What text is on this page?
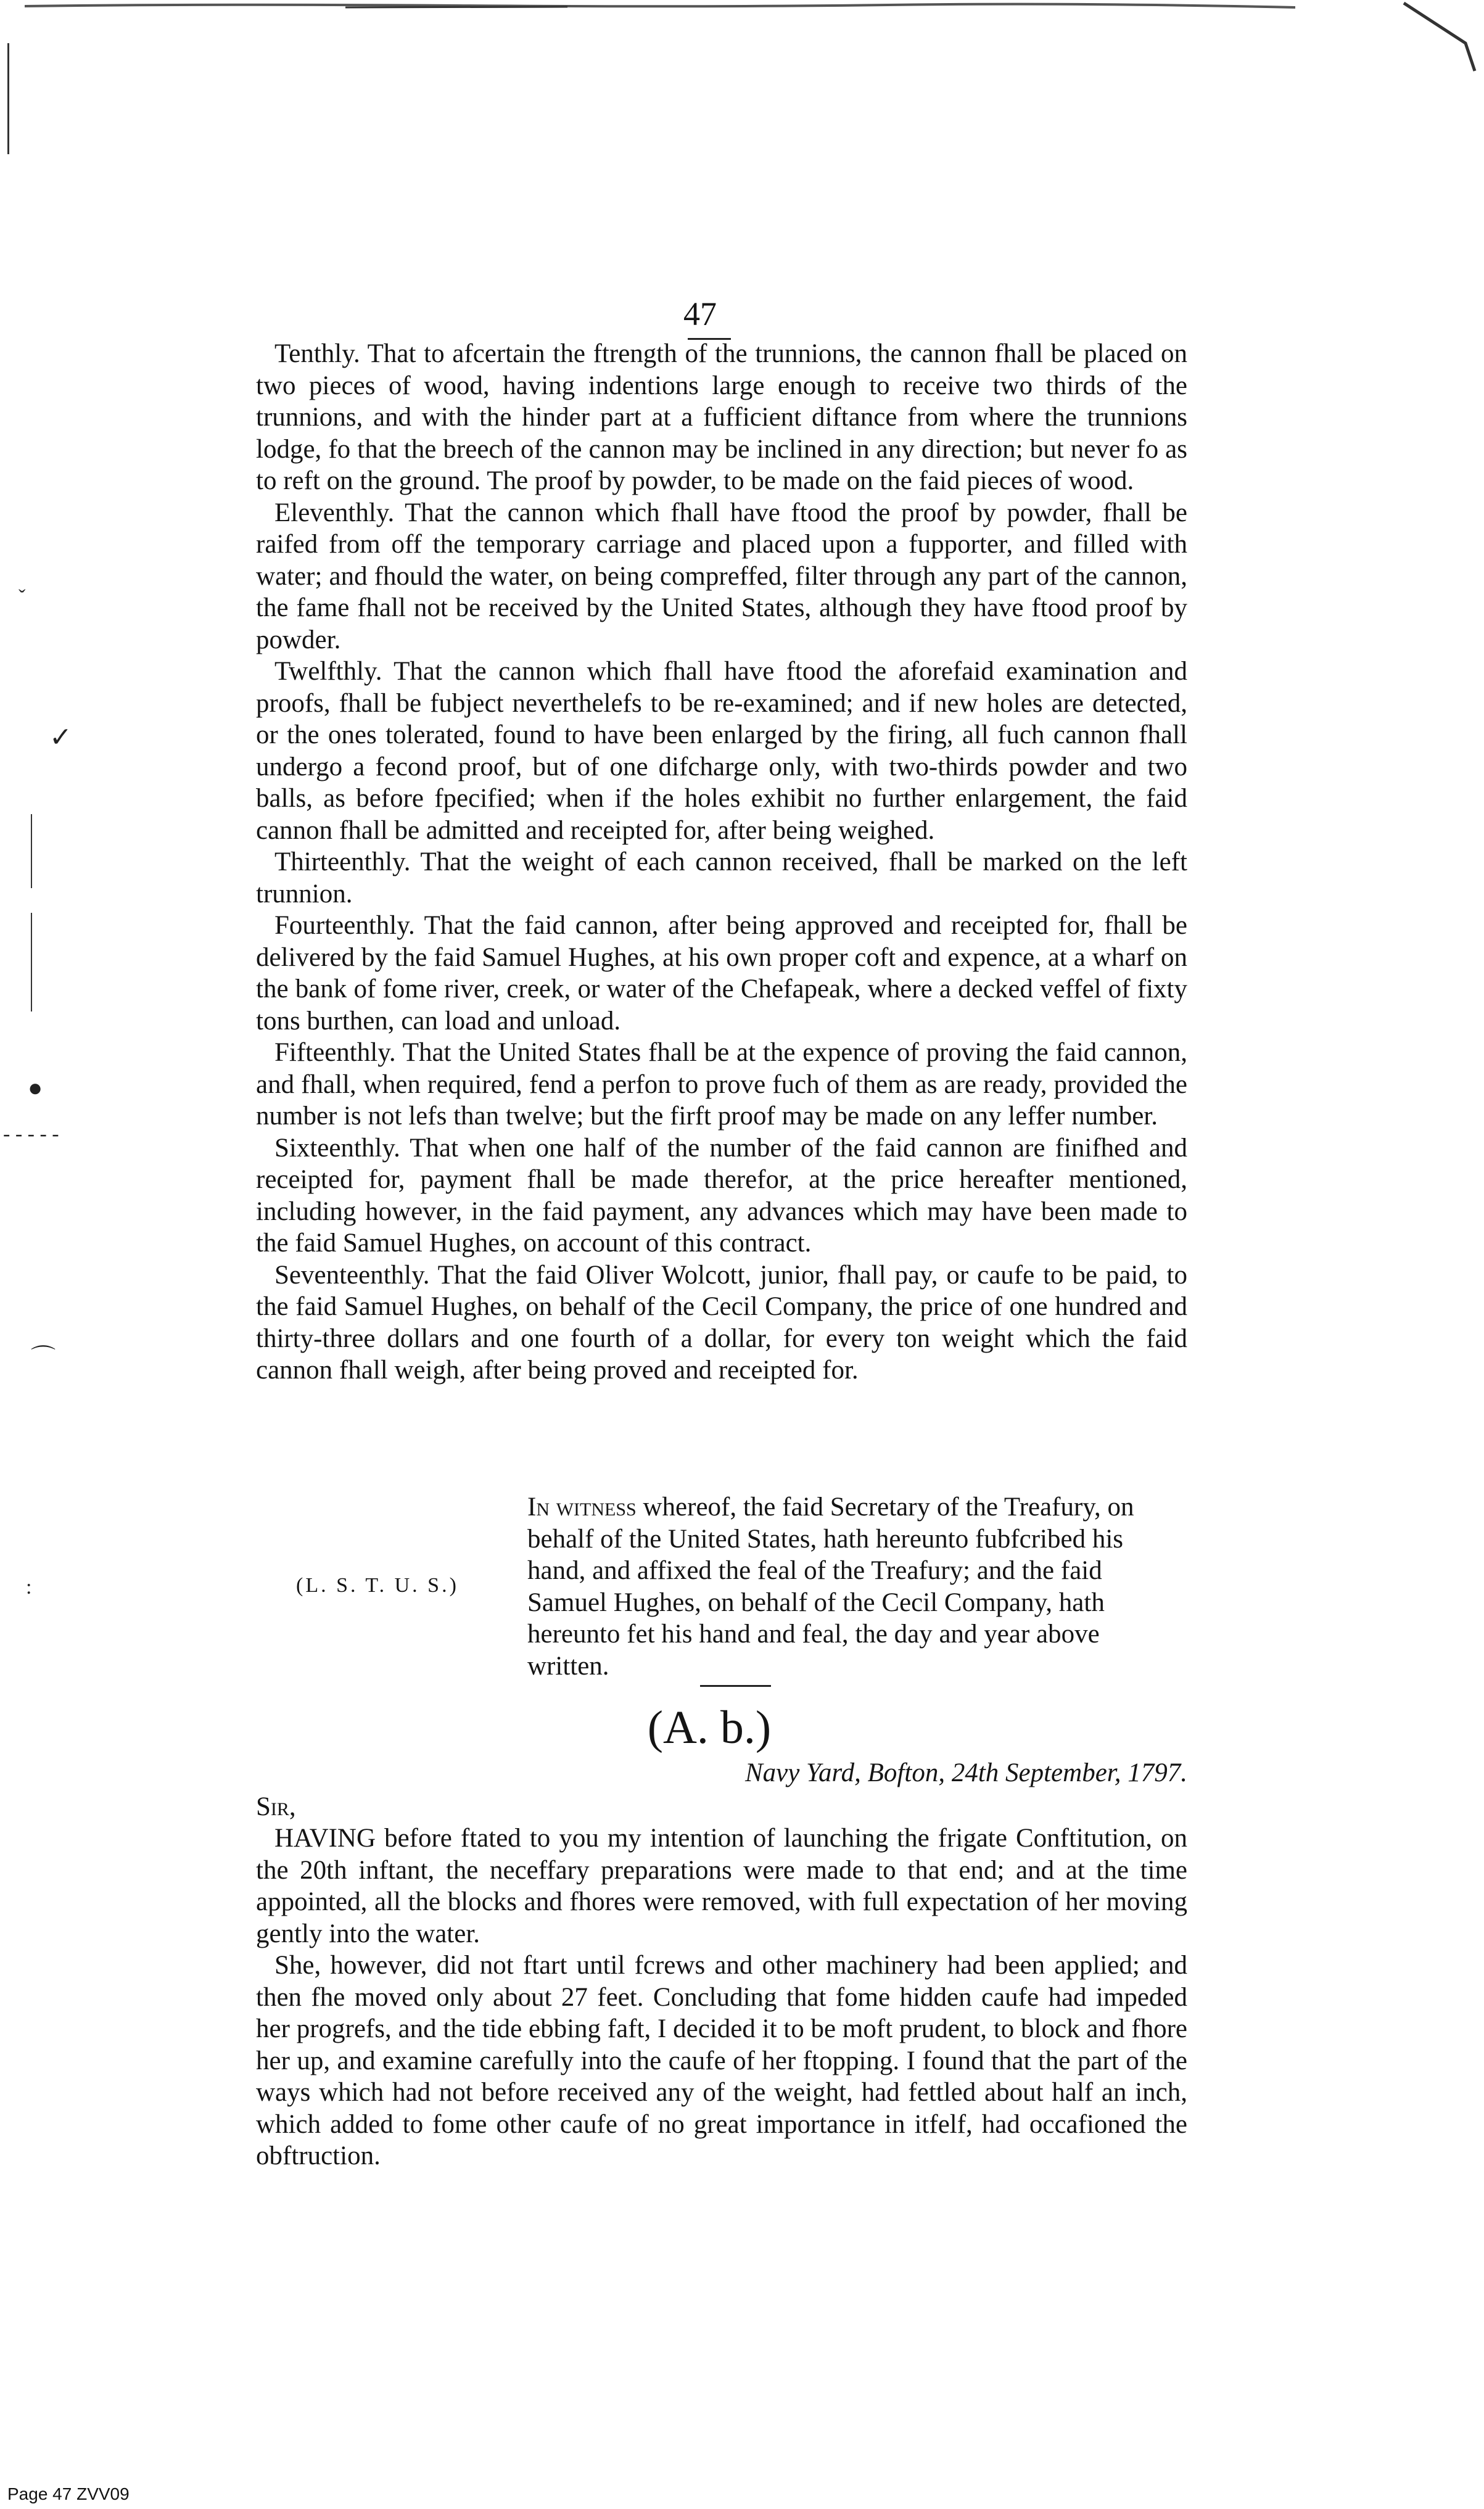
ˇ
✓
●
- - - - -
⌒
:
47

Tenthly. That to afcertain the ftrength of the trunnions, the cannon fhall be placed on two pieces of wood, having indentions large enough to receive two thirds of the trunnions, and with the hinder part at a fufficient diftance from where the trunnions lodge, fo that the breech of the cannon may be inclined in any direction; but never fo as to reft on the ground. The proof by powder, to be made on the faid pieces of wood.

Eleventhly. That the cannon which fhall have ftood the proof by powder, fhall be raifed from off the temporary carriage and placed upon a fupporter, and filled with water; and fhould the water, on being compreffed, filter through any part of the cannon, the fame fhall not be received by the United States, although they have ftood proof by powder.

Twelfthly. That the cannon which fhall have ftood the aforefaid examination and proofs, fhall be fubject neverthelefs to be re-examined; and if new holes are detected, or the ones tolerated, found to have been enlarged by the firing, all fuch cannon fhall undergo a fecond proof, but of one difcharge only, with two-thirds powder and two balls, as before fpecified; when if the holes exhibit no further enlargement, the faid cannon fhall be admitted and receipted for, after being weighed.

Thirteenthly. That the weight of each cannon received, fhall be marked on the left trunnion.

Fourteenthly. That the faid cannon, after being approved and receipted for, fhall be delivered by the faid Samuel Hughes, at his own proper coft and expence, at a wharf on the bank of fome river, creek, or water of the Chefapeak, where a decked veffel of fixty tons burthen, can load and unload.

Fifteenthly. That the United States fhall be at the expence of proving the faid cannon, and fhall, when required, fend a perfon to prove fuch of them as are ready, provided the number is not lefs than twelve; but the firft proof may be made on any leffer number.

Sixteenthly. That when one half of the number of the faid cannon are finifhed and receipted for, payment fhall be made therefor, at the price hereafter mentioned, including however, in the faid payment, any advances which may have been made to the faid Samuel Hughes, on account of this contract.

Seventeenthly. That the faid Oliver Wolcott, junior, fhall pay, or caufe to be paid, to the faid Samuel Hughes, on behalf of the Cecil Company, the price of one hundred and thirty-three dollars and one fourth of a dollar, for every ton weight which the faid cannon fhall weigh, after being proved and receipted for.

In witness whereof, the faid Secretary of the Treafury, on behalf of the United States, hath hereunto fubfcribed his hand, and affixed the feal of the Treafury; and the faid Samuel Hughes, on behalf of the Cecil Company, hath hereunto fet his hand and feal, the day and year above written.
(L. S. T. U. S.)
(A. b.)
Navy Yard, Bofton, 24th September, 1797.
Sir,

HAVING before ftated to you my intention of launching the frigate Conftitution, on the 20th inftant, the neceffary preparations were made to that end; and at the time appointed, all the blocks and fhores were removed, with full expectation of her moving gently into the water.

She, however, did not ftart until fcrews and other machinery had been applied; and then fhe moved only about 27 feet. Concluding that fome hidden caufe had impeded her progrefs, and the tide ebbing faft, I decided it to be moft prudent, to block and fhore her up, and examine carefully into the caufe of her ftopping. I found that the part of the ways which had not before received any of the weight, had fettled about half an inch, which added to fome other caufe of no great importance in itfelf, had occafioned the obftruction.

Page 47 ZVV09
